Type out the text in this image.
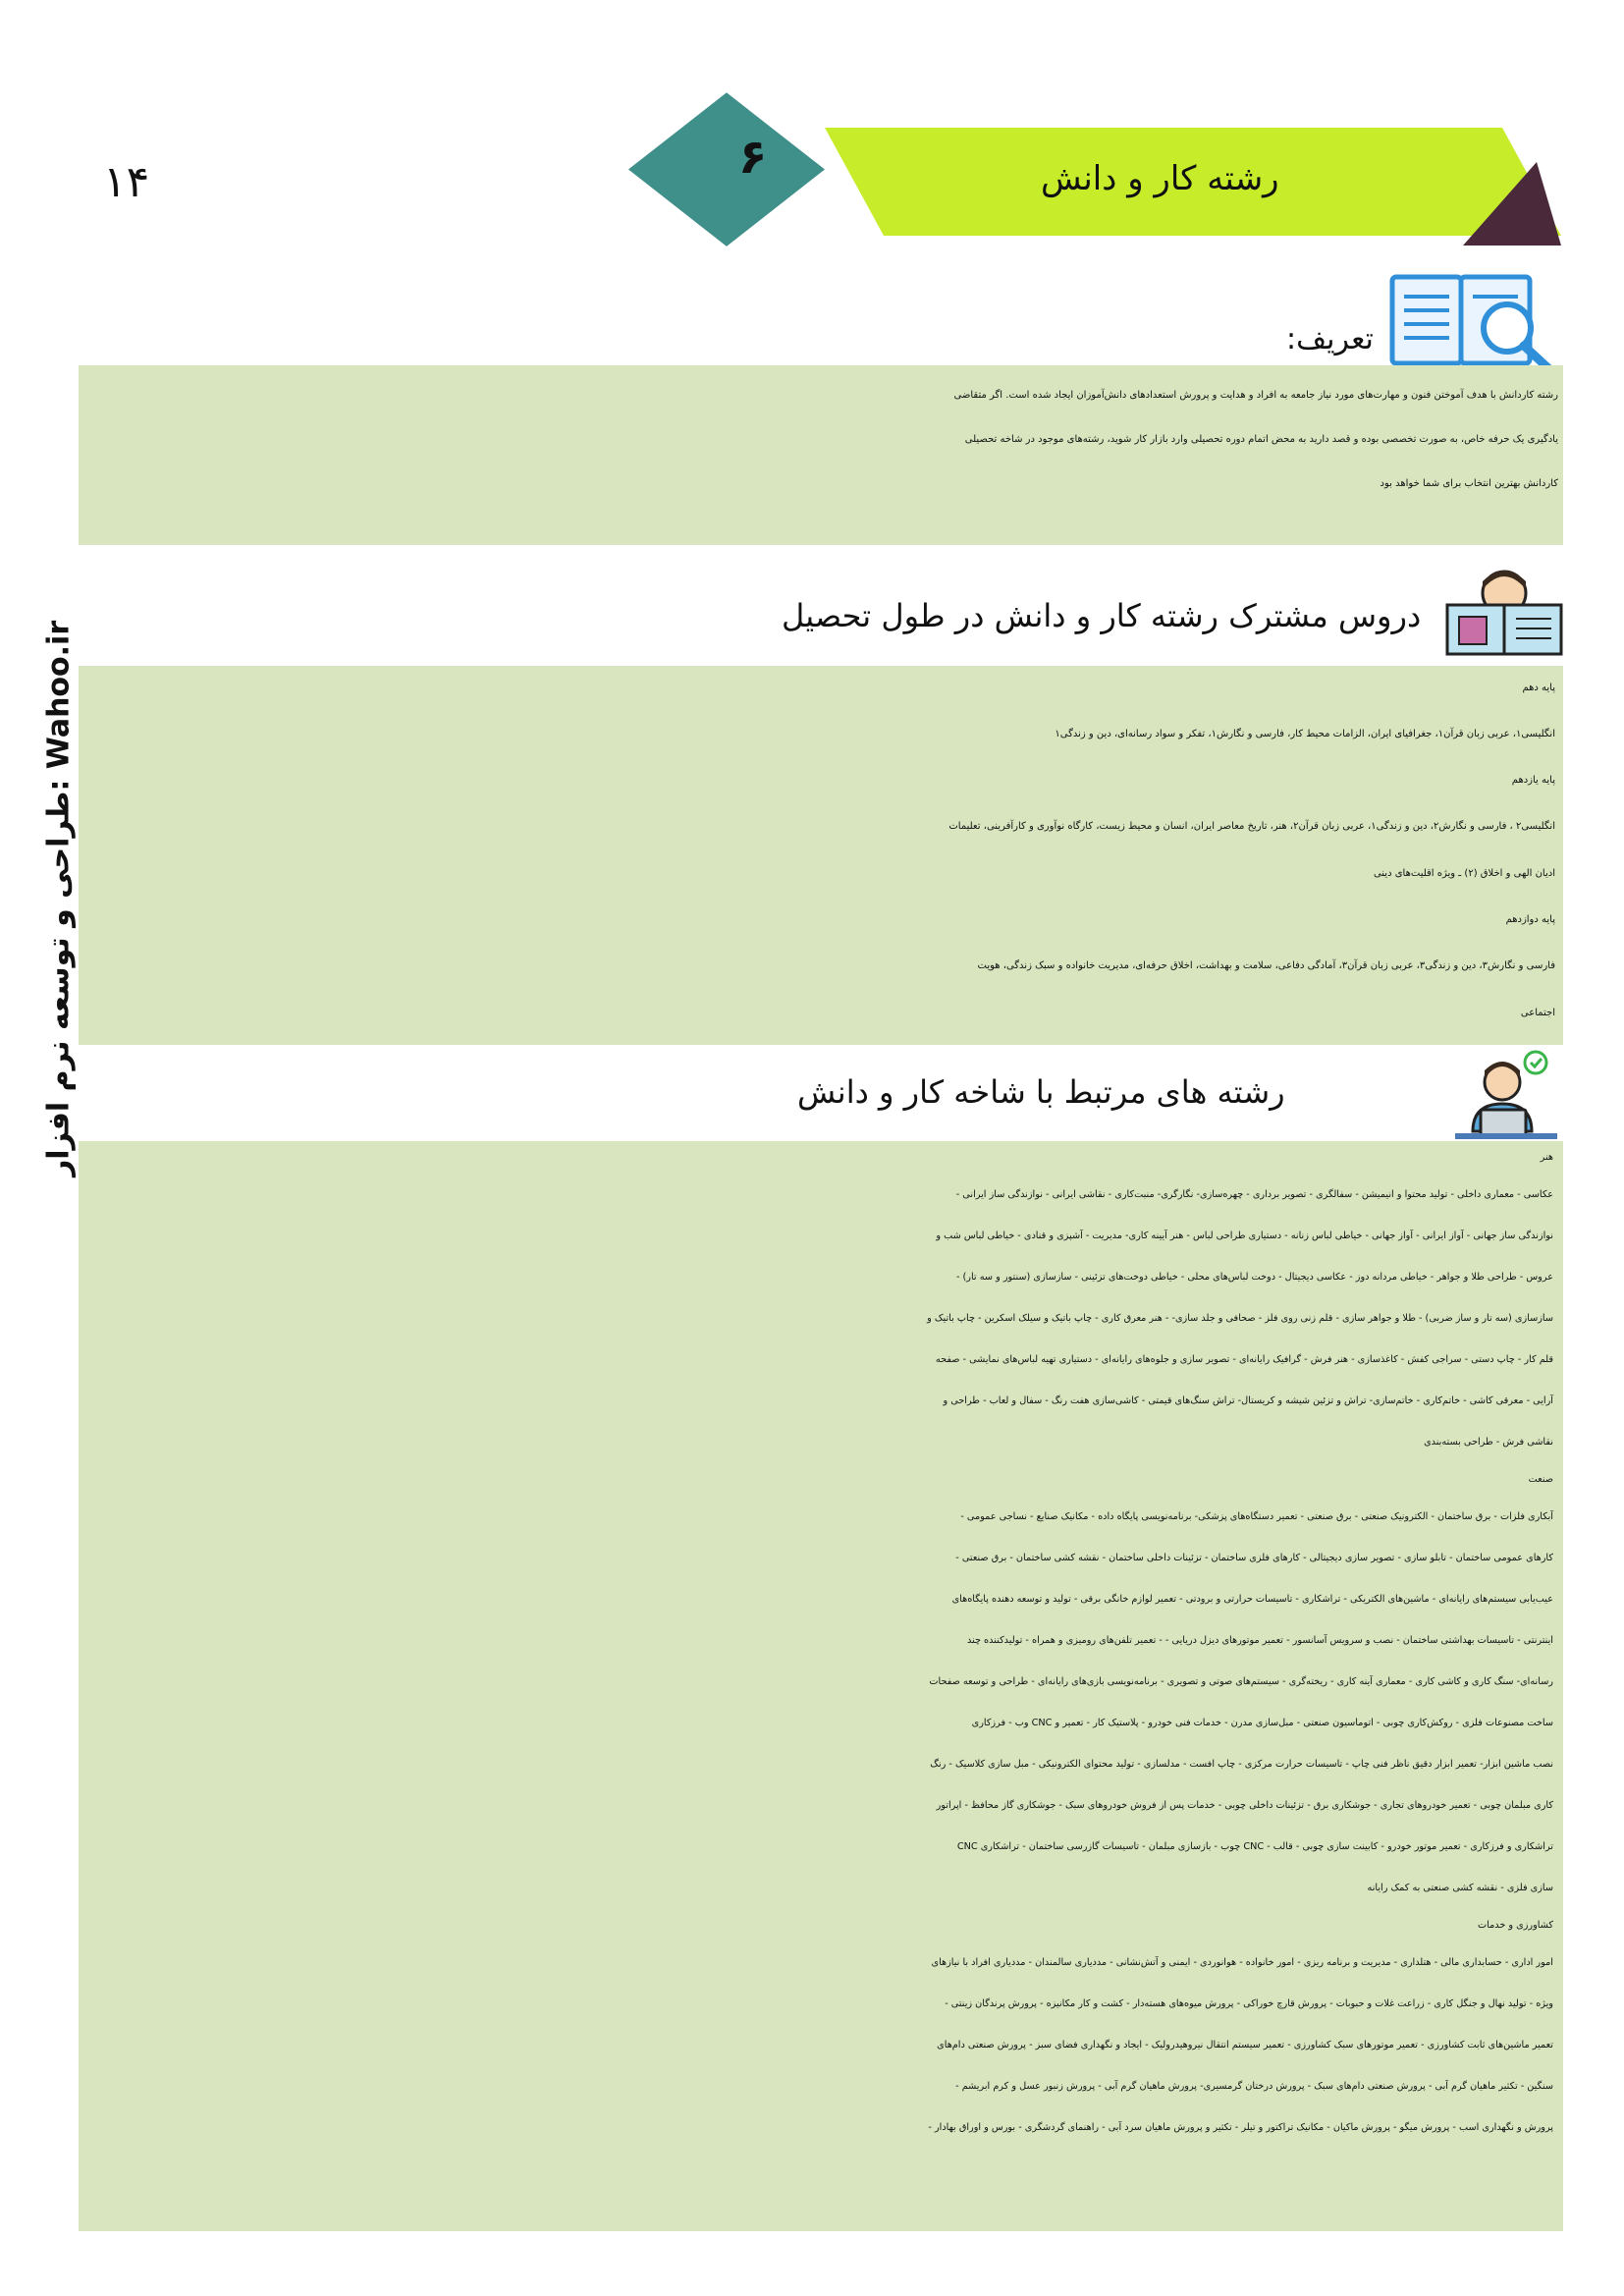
۶	رشته کار و دانش
۱۴
طراحی و توسعه نرم افزار: Wahoo.ir
تعریف:
رشته کاردانش با هدف آموختن فنون و مهارت‌های مورد نیاز جامعه به افراد و هدایت و پرورش استعدادهای دانش‌آموزان ایجاد شده است. اگر متقاضی
یادگیری یک حرفه خاص، به صورت تخصصی بوده و قصد دارید به محض اتمام دوره تحصیلی وارد بازار کار شوید، رشته‌های موجود در شاخه تحصیلی
کاردانش بهترین انتخاب برای شما خواهد بود
دروس مشترک رشته کار و دانش در طول تحصیل
پایه دهم
انگلیسی۱، عربی زبان قرآن۱، جغرافیای ایران، الزامات محیط کار، فارسی و نگارش۱، تفکر و سواد رسانه‌ای، دین و زندگی۱
پایه یازدهم
انگلیسی۲ ، فارسی و نگارش۲، دین و زندگی۱، عربی زبان قرآن۲، هنر، تاریخ معاصر ایران، انسان و محیط زیست، کارگاه نوآوری و کارآفرینی، تعلیمات
ادیان الهی و اخلاق (۲) ـ ویژه اقلیت‌های دینی
پایه دوازدهم
فارسی و نگارش۳، دین و زندگی۳، عربی زبان قرآن۳، آمادگی دفاعی، سلامت و بهداشت، اخلاق حرفه‌ای، مدیریت خانواده و سبک زندگی، هویت
اجتماعی
رشته های مرتبط با شاخه کار و دانش
هنر
عکاسی - معماری داخلی - تولید محتوا و انیمیشن - سفالگری - تصویر برداری - چهره‌سازی- نگارگری- منبت‌کاری - نقاشی ایرانی - نوازندگی ساز ایرانی -
نوازندگی ساز جهانی - آواز ایرانی - آواز جهانی - خیاطی لباس زنانه - دستیاری طراحی لباس - هنر آیینه کاری- مدیریت - آشپزی و قنادی - خیاطی لباس شب و
عروس - طراحی طلا و جواهر - خیاطی مردانه دوز - عکاسی دیجیتال - دوخت لباس‌های محلی - خیاطی دوخت‌های تزئینی - سازسازی (سنتور و سه تار) -
سازسازی (سه تار و ساز ضربی) - طلا و جواهر سازی - قلم زنی روی فلز - صحافی و جلد سازی- - هنر معرق کاری - چاپ باتیک و سیلک اسکرین - چاپ باتیک و
قلم کار - چاپ دستی - سراجی کفش - کاغذسازی - هنر فرش - گرافیک رایانه‌ای - تصویر سازی و جلوه‌های رایانه‌ای - دستیاری تهیه لباس‌های نمایشی - صفحه
آرایی - معرقی کاشی - خاتم‌کاری - خاتم‌سازی- تراش و تزئین شیشه و کریستال- تراش سنگ‌های قیمتی - کاشی‌سازی هفت رنگ - سفال و لعاب - طراحی و
نقاشی فرش - طراحی بسته‌بندی
صنعت
آبکاری فلزات - برق ساختمان - الکترونیک صنعتی - برق صنعتی - تعمیر دستگاه‌های پزشکی- برنامه‌نویسی پایگاه داده - مکانیک صنایع - نساجی عمومی -
کارهای عمومی ساختمان - تابلو سازی - تصویر سازی دیجیتالی - کارهای فلزی ساختمان - تزئینات داخلی ساختمان - نقشه کشی ساختمان - برق صنعتی -
عیب‌یابی سیستم‌های رایانه‌ای - ماشین‌های الکتریکی - تراشکاری - تاسیسات حرارتی و برودتی - تعمیر لوازم خانگی برقی - تولید و توسعه دهنده پایگاه‌های
اینترنتی - تاسیسات بهداشتی ساختمان - نصب و سرویس آسانسور - تعمیر موتورهای دیزل دریایی - - تعمیر تلفن‌های رومیزی و همراه - تولیدکننده چند
رسانه‌ای- سنگ کاری و کاشی کاری - معماری آینه کاری - ریخته‌گری - سیستم‌های صوتی و تصویری - برنامه‌نویسی بازی‌های رایانه‌ای - طراحی و توسعه صفحات
ساخت مصنوعات فلزی - روکش‌کاری چوبی - اتوماسیون صنعتی - مبل‌سازی مدرن - خدمات فنی خودرو - پلاستیک کار - تعمیر و CNC وب - فرزکاری
نصب ماشین ابزار- تعمیر ابزار دقیق ناظر فنی چاپ - تاسیسات حرارت مرکزی - چاپ افست - مدلسازی - تولید محتوای الکترونیکی - مبل سازی کلاسیک - رنگ
کاری مبلمان چوبی - تعمیر خودروهای تجاری - جوشکاری برق - تزئینات داخلی چوبی - خدمات پس از فروش خودروهای سبک - جوشکاری گاز محافظ - اپراتور
تراشکاری و فرزکاری - تعمیر موتور خودرو - کابینت سازی چوبی - قالب - CNC چوب - بازسازی مبلمان - تاسیسات گازرسی ساختمان - تراشکاری CNC
سازی فلزی - نقشه کشی صنعتی به کمک رایانه
کشاورزی و خدمات
امور اداری - حسابداری مالی - هتلداری - مدیریت و برنامه ریزی - امور خانواده - هوانوردی - ایمنی و آتش‌نشانی - مددیاری سالمندان - مددیاری افراد با نیازهای
ویژه - تولید نهال و جنگل کاری - زراعت غلات و حبوبات - پرورش قارچ خوراکی - پرورش میوه‌های هسته‌دار - کشت و کار مکانیزه - پرورش پرندگان زینتی -
تعمیر ماشین‌های ثابت کشاورزی - تعمیر موتورهای سبک کشاورزی - تعمیر سیستم انتقال نیروهیدرولیک - ایجاد و نگهداری فضای سبز - پرورش صنعتی دام‌های
سنگین - تکثیر ماهیان گرم آبی - پرورش صنعتی دام‌های سبک - پرورش درختان گرمسیری- پرورش ماهیان گرم آبی - پرورش زنبور عسل و کرم ابریشم -
پرورش و نگهداری اسب - پرورش میگو - پرورش ماکیان - مکانیک تراکتور و تیلر - تکثیر و پرورش ماهیان سرد آبی - راهنمای گردشگری - بورس و اوراق بهادار -
